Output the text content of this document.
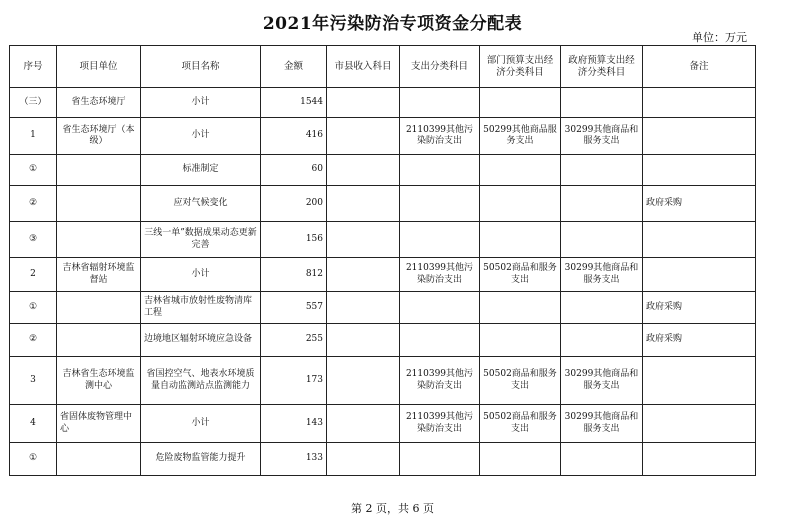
2021年污染防治专项资金分配表
单位：万元
序号	项目单位	项目名称	金额	市县收入科目	支出分类科目	部门预算支出经济分类科目	政府预算支出经济分类科目	备注
（三）	省生态环境厅	小计	1544					
1	省生态环境厅（本级）	小计	416		2110399其他污染防治支出	50299其他商品服务支出	30299其他商品和服务支出	
①		标准制定	60					
②		应对气候变化	200					政府采购
③		三线一单”数据成果动态更新完善	156					
2	吉林省辐射环境监督站	小计	812		2110399其他污染防治支出	50502商品和服务支出	30299其他商品和服务支出	
①		吉林省城市放射性废物清库工程	557					政府采购
②		边境地区辐射环境应急设备	255					政府采购
3	吉林省生态环境监测中心	省国控空气、地表水环境质量自动监测站点监测能力	173		2110399其他污染防治支出	50502商品和服务支出	30299其他商品和服务支出	
4	省固体废物管理中心	小计	143		2110399其他污染防治支出	50502商品和服务支出	30299其他商品和服务支出	
①		危险废物监管能力提升	133					
第 2 页，共 6 页
